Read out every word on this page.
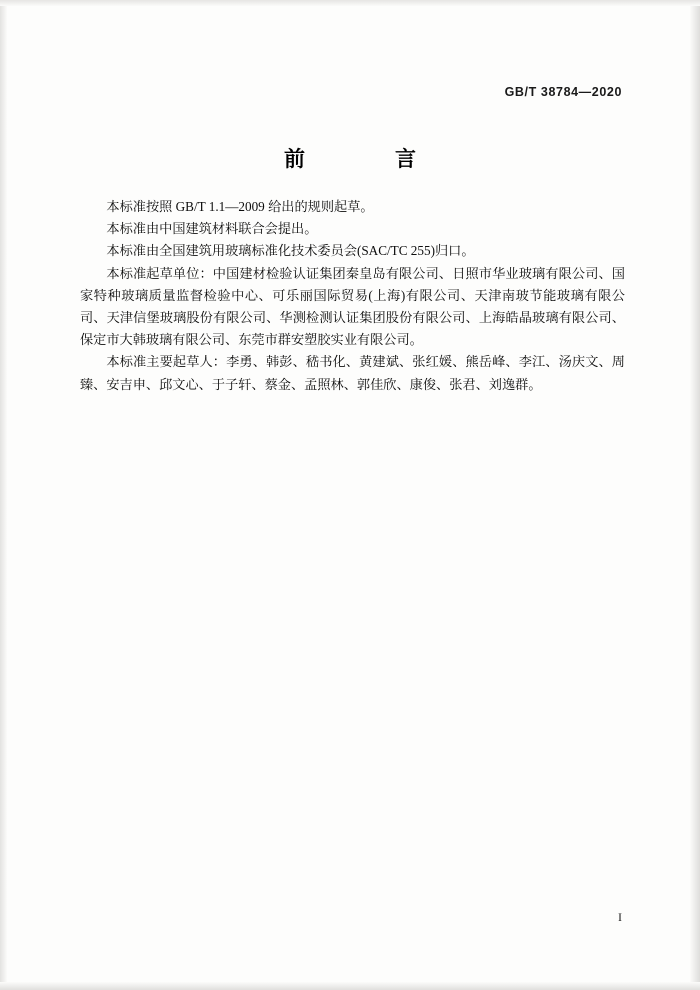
GB/T 38784—2020
前　　言

本标准按照 GB/T 1.1—2009 给出的规则起草。

本标准由中国建筑材料联合会提出。

本标准由全国建筑用玻璃标准化技术委员会(SAC/TC 255)归口。

本标准起草单位：中国建材检验认证集团秦皇岛有限公司、日照市华业玻璃有限公司、国家特种玻璃质量监督检验中心、可乐丽国际贸易(上海)有限公司、天津南玻节能玻璃有限公司、天津信堡玻璃股份有限公司、华测检测认证集团股份有限公司、上海皓晶玻璃有限公司、保定市大韩玻璃有限公司、东莞市群安塑胶实业有限公司。

本标准主要起草人：李勇、韩彭、嵇书化、黄建斌、张红媛、熊岳峰、李江、汤庆文、周臻、安吉申、邱文心、于子轩、蔡金、孟照林、郭佳欣、康俊、张君、刘逸群。

I
